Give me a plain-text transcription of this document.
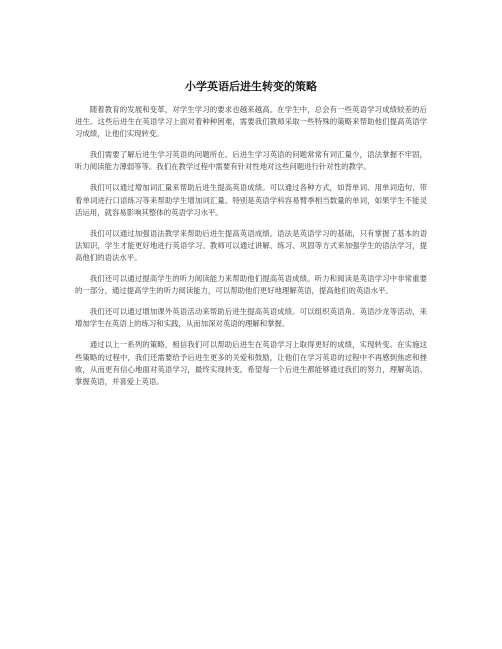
小学英语后进生转变的策略

随着教育的发展和变革，对学生学习的要求也越来越高。在学生中，总会有一些英语学习成绩较差的后进生。这些后进生在英语学习上面对着种种困难，需要我们教师采取一些特殊的策略来帮助他们提高英语学习成绩，让他们实现转变。

我们需要了解后进生学习英语的问题所在。后进生学习英语的问题常常有词汇量少，语法掌握不牢固，听力阅读能力薄弱等等。我们在教学过程中需要有针对性地对这些问题进行针对性的教学。

我们可以通过增加词汇量来帮助后进生提高英语成绩。可以通过各种方式，如背单词、用单词造句、带着单词进行口语练习等来帮助学生增加词汇量。特别是英语学科容易臂季相当数量的单词，如果学生不能灵活运用，就容易影响其整体的英语学习水平。

我们可以通过加强语法教学来帮助后进生提高英语成绩。语法是英语学习的基础，只有掌握了基本的语法知识，学生才能更好地进行英语学习。教师可以通过讲解、练习、巩固等方式来加强学生的语法学习，提高他们的语法水平。

我们还可以通过提高学生的听力阅读能力来帮助他们提高英语成绩。听力和阅读是英语学习中非常重要的一部分，通过提高学生的听力阅读能力，可以帮助他们更好地理解英语，提高他们的英语水平。

我们还可以通过增加课外英语活动来帮助后进生提高英语成绩。可以组织英语角、英语沙龙等活动，来增加学生在英语上的练习和实践，从而加深对英语的理解和掌握。

通过以上一系列的策略，相信我们可以帮助后进生在英语学习上取得更好的成绩，实现转变。在实施这些策略的过程中，我们还需要给予后进生更多的关爱和鼓励，让他们在学习英语的过程中不再感到焦虑和挫败，从而更有信心地面对英语学习，最终实现转变。希望每一个后进生都能够通过我们的努力，理解英语、掌握英语，并喜爱上英语。
